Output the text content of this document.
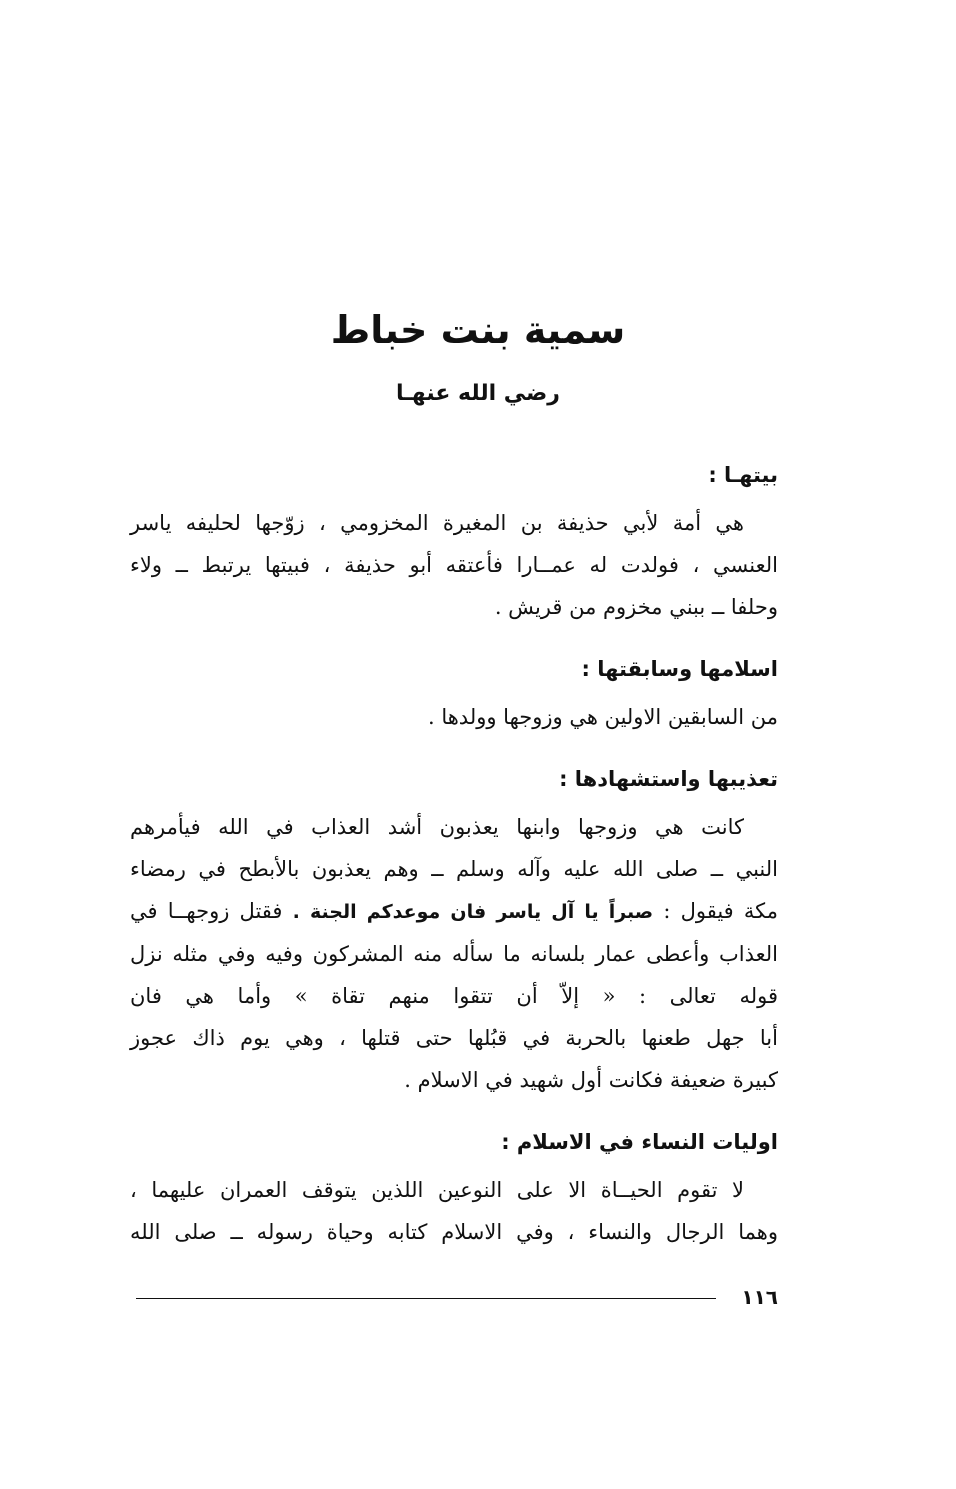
سمية بنت خباط
رضي الله عنهـا

بيتهـا :

هي أمة لأبي حذيفة بن المغيرة المخزومي ، زوّجها لحليفه ياسر
العنسي ، فولدت له عمــارا فأعتقه أبو حذيفة ، فبيتها يرتبط ــ ولاء
وحلفا ــ ببني مخزوم من قريش .

اسلامها وسابقتها :

من السابقين الاولين هي وزوجها وولدها .

تعذيبها واستشهادها :

كانت هي وزوجها وابنها يعذبون أشد العذاب في الله فيأمرهم
النبي ــ صلى الله عليه وآله وسلم ــ وهم يعذبون بالأبطح في رمضاء
مكة فيقول : صبراً يا آل ياسر فان موعدكم الجنة . فقتل زوجهــا في
العذاب وأعطى عمار بلسانه ما سأله منه المشركون وفيه وفي مثله نزل
قوله تعالى : « إلاّ أن تتقوا منهم تقاة » وأما هي فان
أبا جهل طعنها بالحربة في قبُلها حتى قتلها ، وهي يوم ذاك عجوز
كبيرة ضعيفة فكانت أول شهيد في الاسلام .

اوليات النساء في الاسلام :

لا تقوم الحيــاة الا على النوعين اللذين يتوقف العمران عليهما ،
وهما الرجال والنساء ، وفي الاسلام كتابه وحياة رسوله ــ صلى الله

١١٦
